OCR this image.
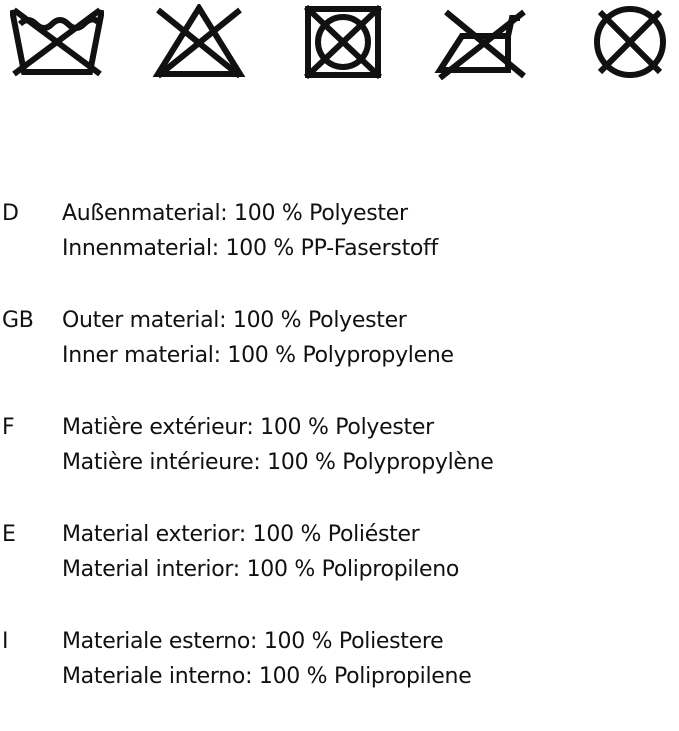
D	Außenmaterial: 100 % Polyester
Innenmaterial: 100 % PP-Faserstoff
GB	Outer material: 100 % Polyester
Inner material: 100 % Polypropylene
F	Matière extérieur: 100 % Polyester
Matière intérieure: 100 % Polypropylène
E	Material exterior: 100 % Poliéster
Material interior: 100 % Polipropileno
I	Materiale esterno: 100 % Poliestere
Materiale interno: 100 % Polipropilene
